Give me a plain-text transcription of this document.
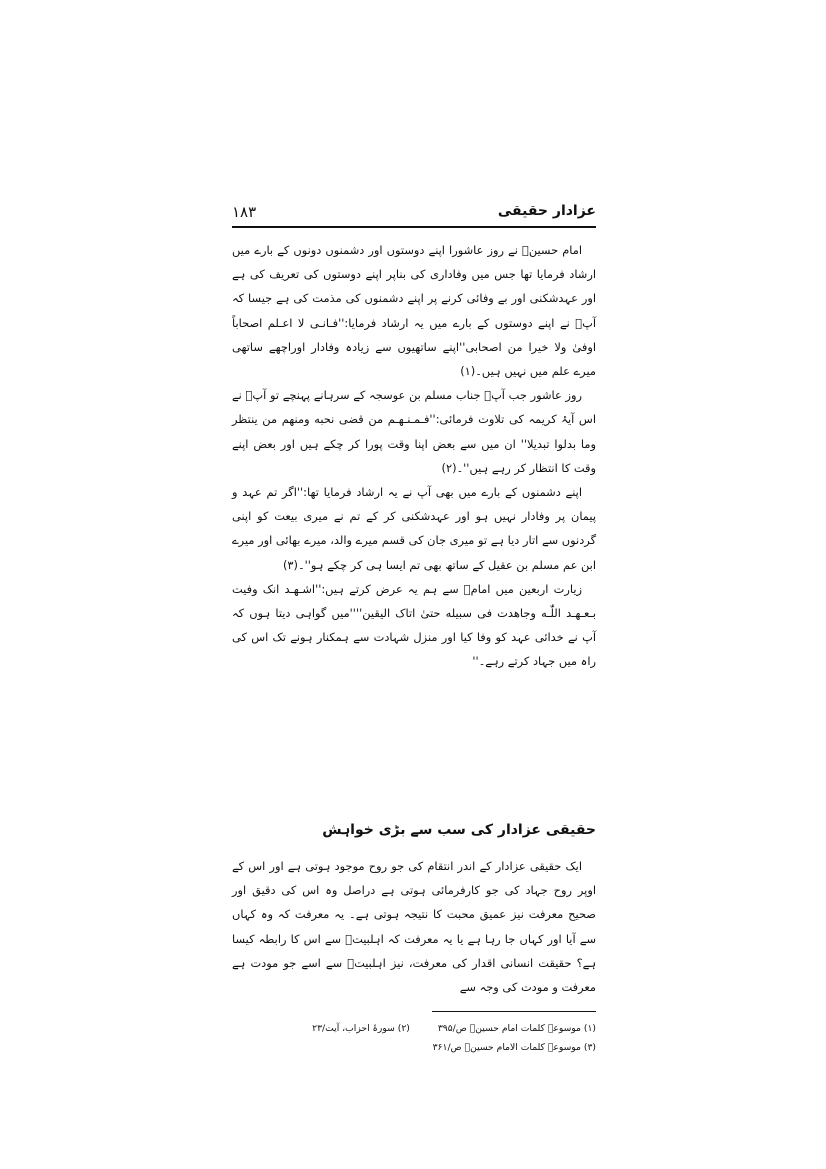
عزادار حقیقی
۱۸۳

امام حسینؑ نے روز عاشورا اپنے دوستوں اور دشمنوں دونوں کے بارے میں ارشاد فرمایا تھا جس میں وفاداری کی بناپر اپنے دوستوں کی تعریف کی ہے اور عہدشکنی اور بے وفائی کرنے پر اپنے دشمنوں کی مذمت کی ہے جیسا کہ آپؑ نے اپنے دوستوں کے بارے میں یہ ارشاد فرمایا:''فـانـی لا اعـلم اصحاباً اوفیٰ ولا خیرا من اصحابی''اپنے ساتھیوں سے زیادہ وفادار اوراچھے ساتھی میرے علم میں نہیں ہیں۔(۱)

روز عاشور جب آپؑ جناب مسلم بن عوسجہ کے سرہانے پہنچے تو آپؑ نے اس آیۂ کریمہ کی تلاوت فرمائی:''فـمـنـهـم من قضی نحبه ومنهم من ینتظر وما بدلوا تبدیلا'' ان میں سے بعض اپنا وقت پورا کر چکے ہیں اور بعض اپنے وقت کا انتظار کر رہے ہیں''۔(۲)

اپنے دشمنوں کے بارے میں بھی آپ نے یہ ارشاد فرمایا تھا:''اگر تم عہد و پیمان پر وفادار نہیں ہو اور عہدشکنی کر کے تم نے میری بیعت کو اپنی گردنوں سے اتار دیا ہے تو میری جان کی قسم میرے والد، میرے بھائی اور میرے ابن عم مسلم بن عقیل کے ساتھ بھی تم ایسا ہی کر چکے ہو''۔(۳)

زیارت اربعین میں امامؑ سے ہم یہ عرض کرتے ہیں:''اشـهـد انک وفیت بـعـهـد اللّٰـه وجاهدت فی سبیله حتیٰ اتاک الیقین''''میں گواہی دیتا ہوں کہ آپ نے خدائی عہد کو وفا کیا اور منزل شہادت سے ہمکنار ہونے تک اس کی راہ میں جہاد کرتے رہے۔''

حقیقی عزادار کی سب سے بڑی خواہش

ایک حقیقی عزادار کے اندر انتقام کی جو روح موجود ہوتی ہے اور اس کے اوپر روح جہاد کی جو کارفرمائی ہوتی ہے دراصل وہ اس کی دقیق اور صحیح معرفت نیز عمیق محبت کا نتیجہ ہوتی ہے۔ یہ معرفت کہ وہ کہاں سے آیا اور کہاں جا رہا ہے یا یہ معرفت کہ اہلبیتؑ سے اس کا رابطہ کیسا ہے؟ حقیقت انسانی اقدار کی معرفت، نیز اہلبیتؑ سے اسے جو مودت ہے معرفت و مودت کی وجہ سے

(۱) موسوعہ کلمات امام حسینؑ ص/۳۹۵
(۲) سورۂ احزاب، آیت/۲۳
(۳) موسوعہ کلمات الامام حسینؑ ص/۳۶۱
